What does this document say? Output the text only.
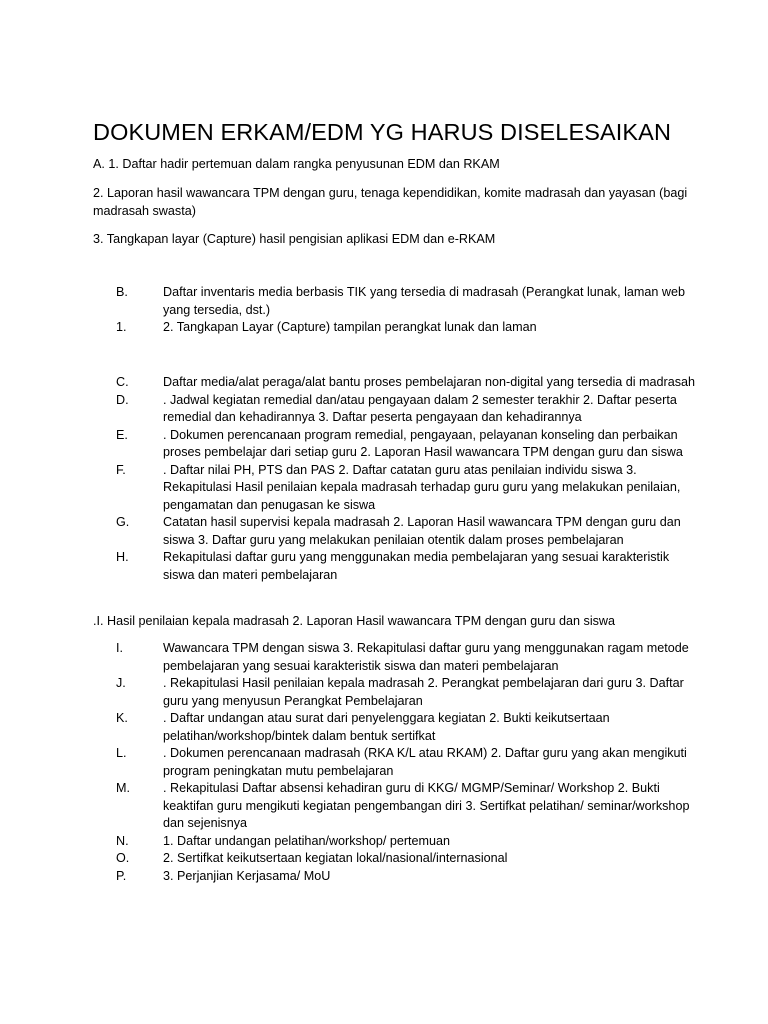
DOKUMEN ERKAM/EDM YG HARUS DISELESAIKAN

A. 1. Daftar hadir pertemuan dalam rangka penyusunan EDM dan RKAM

2. Laporan hasil wawancara TPM dengan guru, tenaga kependidikan, komite madrasah dan yayasan (bagi madrasah swasta)

3. Tangkapan layar (Capture) hasil pengisian aplikasi EDM dan e-RKAM

B.	Daftar inventaris media berbasis TIK yang tersedia di madrasah (Perangkat lunak, laman web yang tersedia, dst.)
1.	2. Tangkapan Layar (Capture) tampilan perangkat lunak dan laman
C.	Daftar media/alat peraga/alat bantu proses pembelajaran non-digital yang tersedia di madrasah
D.	. Jadwal kegiatan remedial dan/atau pengayaan dalam 2 semester terakhir 2. Daftar peserta remedial dan kehadirannya 3. Daftar peserta pengayaan dan kehadirannya
E.	. Dokumen perencanaan program remedial, pengayaan, pelayanan konseling dan perbaikan proses pembelajar dari setiap guru 2. Laporan Hasil wawancara TPM dengan guru dan siswa
F.	. Daftar nilai PH, PTS dan PAS 2. Daftar catatan guru atas penilaian individu siswa 3. Rekapitulasi Hasil penilaian kepala madrasah terhadap guru guru yang melakukan penilaian, pengamatan dan penugasan ke siswa
G.	Catatan hasil supervisi kepala madrasah 2. Laporan Hasil wawancara TPM dengan guru dan siswa 3. Daftar guru yang melakukan penilaian otentik dalam proses pembelajaran
H.	Rekapitulasi daftar guru yang menggunakan media pembelajaran yang sesuai karakteristik siswa dan materi pembelajaran

.I. Hasil penilaian kepala madrasah 2. Laporan Hasil wawancara TPM dengan guru dan siswa

I.	Wawancara TPM dengan siswa 3. Rekapitulasi daftar guru yang menggunakan ragam metode pembelajaran yang sesuai karakteristik siswa dan materi pembelajaran
J.	. Rekapitulasi Hasil penilaian kepala madrasah 2. Perangkat pembelajaran dari guru 3. Daftar guru yang menyusun Perangkat Pembelajaran
K.	. Daftar undangan atau surat dari penyelenggara kegiatan 2. Bukti keikutsertaan pelatihan/workshop/bintek dalam bentuk sertifkat
L.	. Dokumen perencanaan madrasah (RKA K/L atau RKAM) 2. Daftar guru yang akan mengikuti program peningkatan mutu pembelajaran
M.	. Rekapitulasi Daftar absensi kehadiran guru di KKG/ MGMP/Seminar/ Workshop 2. Bukti keaktifan guru mengikuti kegiatan pengembangan diri 3. Sertifkat pelatihan/ seminar/workshop dan sejenisnya
N.	1. Daftar undangan pelatihan/workshop/ pertemuan
O.	2. Sertifkat keikutsertaan kegiatan lokal/nasional/internasional
P.	3. Perjanjian Kerjasama/ MoU
